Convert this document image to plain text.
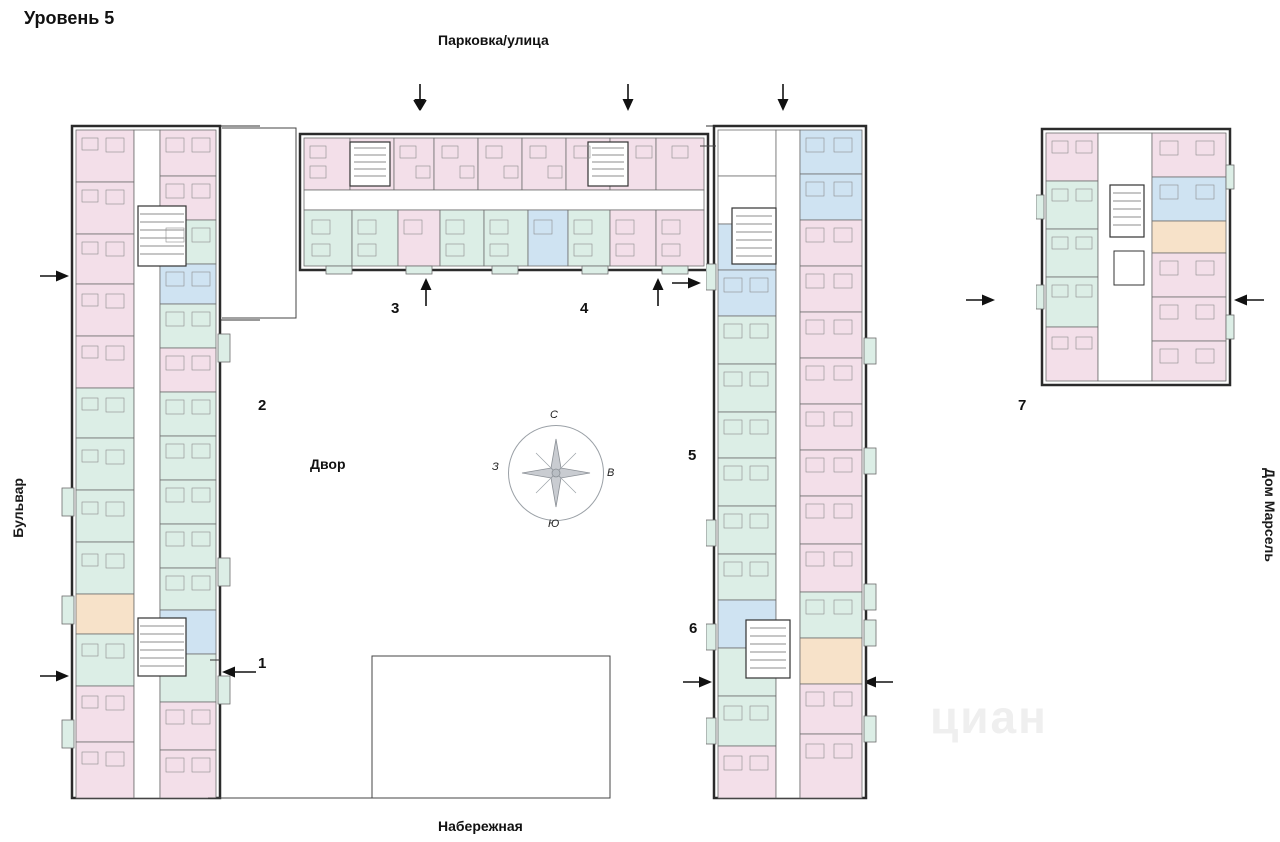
Уровень 5
Парковка/улица
Набережная
Бульвар	Дом Марсель
Двор
2
3	4
5
6
1
7
С
Ю
В
З
циан
